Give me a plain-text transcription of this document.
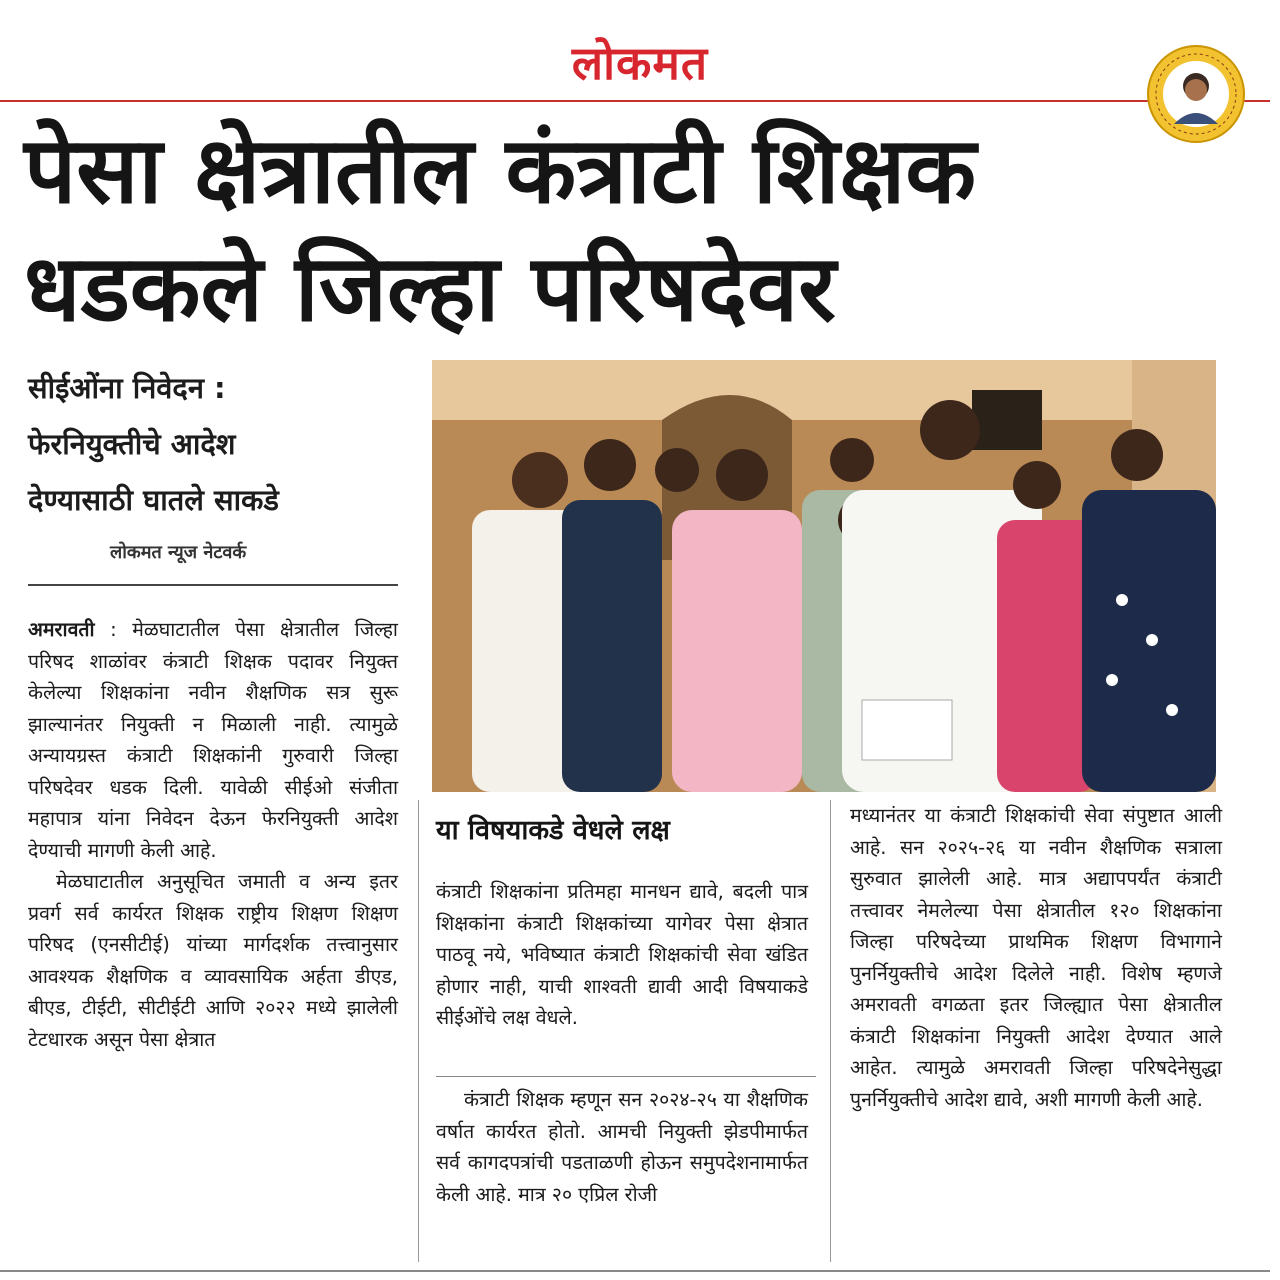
लोकमत
पेसा क्षेत्रातील कंत्राटी शिक्षक
धडकले जिल्हा परिषदेवर
सीईओंना निवेदन :
फेरनियुक्तीचे आदेश
देण्यासाठी घातले साकडे
लोकमत न्यूज नेटवर्क

अमरावती : मेळघाटातील पेसा क्षेत्रातील जिल्हा परिषद शाळांवर कंत्राटी शिक्षक पदावर नियुक्त केलेल्या शिक्षकांना नवीन शैक्षणिक सत्र सुरू झाल्यानंतर नियुक्ती न मिळाली नाही. त्यामुळे अन्यायग्रस्त कंत्राटी शिक्षकांनी गुरुवारी जिल्हा परिषदेवर धडक दिली. यावेळी सीईओ संजीता महापात्र यांना निवेदन देऊन फेरनियुक्ती आदेश देण्याची मागणी केली आहे.

मेळघाटातील अनुसूचित जमाती व अन्य इतर प्रवर्ग सर्व कार्यरत शिक्षक राष्ट्रीय शिक्षण शिक्षण परिषद (एनसीटीई) यांच्या मार्गदर्शक तत्त्वानुसार आवश्यक शैक्षणिक व व्यावसायिक अर्हता डीएड, बीएड, टीईटी, सीटीईटी आणि २०२२ मध्ये झालेली टेटधारक असून पेसा क्षेत्रात

या विषयाकडे वेधले लक्ष

कंत्राटी शिक्षकांना प्रतिमहा मानधन द्यावे, बदली पात्र शिक्षकांना कंत्राटी शिक्षकांच्या यागेवर पेसा क्षेत्रात पाठवू नये, भविष्यात कंत्राटी शिक्षकांची सेवा खंडित होणार नाही, याची शाश्वती द्यावी आदी विषयाकडे सीईओंचे लक्ष वेधले.

कंत्राटी शिक्षक म्हणून सन २०२४-२५ या शैक्षणिक वर्षात कार्यरत होतो. आमची नियुक्ती झेडपीमार्फत सर्व कागदपत्रांची पडताळणी होऊन समुपदेशनामार्फत केली आहे. मात्र २० एप्रिल रोजी

मध्यानंतर या कंत्राटी शिक्षकांची सेवा संपुष्टात आली आहे. सन २०२५-२६ या नवीन शैक्षणिक सत्राला सुरुवात झालेली आहे. मात्र अद्यापपर्यंत कंत्राटी तत्त्वावर नेमलेल्या पेसा क्षेत्रातील १२० शिक्षकांना जिल्हा परिषदेच्या प्राथमिक शिक्षण विभागाने पुनर्नियुक्तीचे आदेश दिलेले नाही. विशेष म्हणजे अमरावती वगळता इतर जिल्ह्यात पेसा क्षेत्रातील कंत्राटी शिक्षकांना नियुक्ती आदेश देण्यात आले आहेत. त्यामुळे अमरावती जिल्हा परिषदेनेसुद्धा पुनर्नियुक्तीचे आदेश द्यावे, अशी मागणी केली आहे.
